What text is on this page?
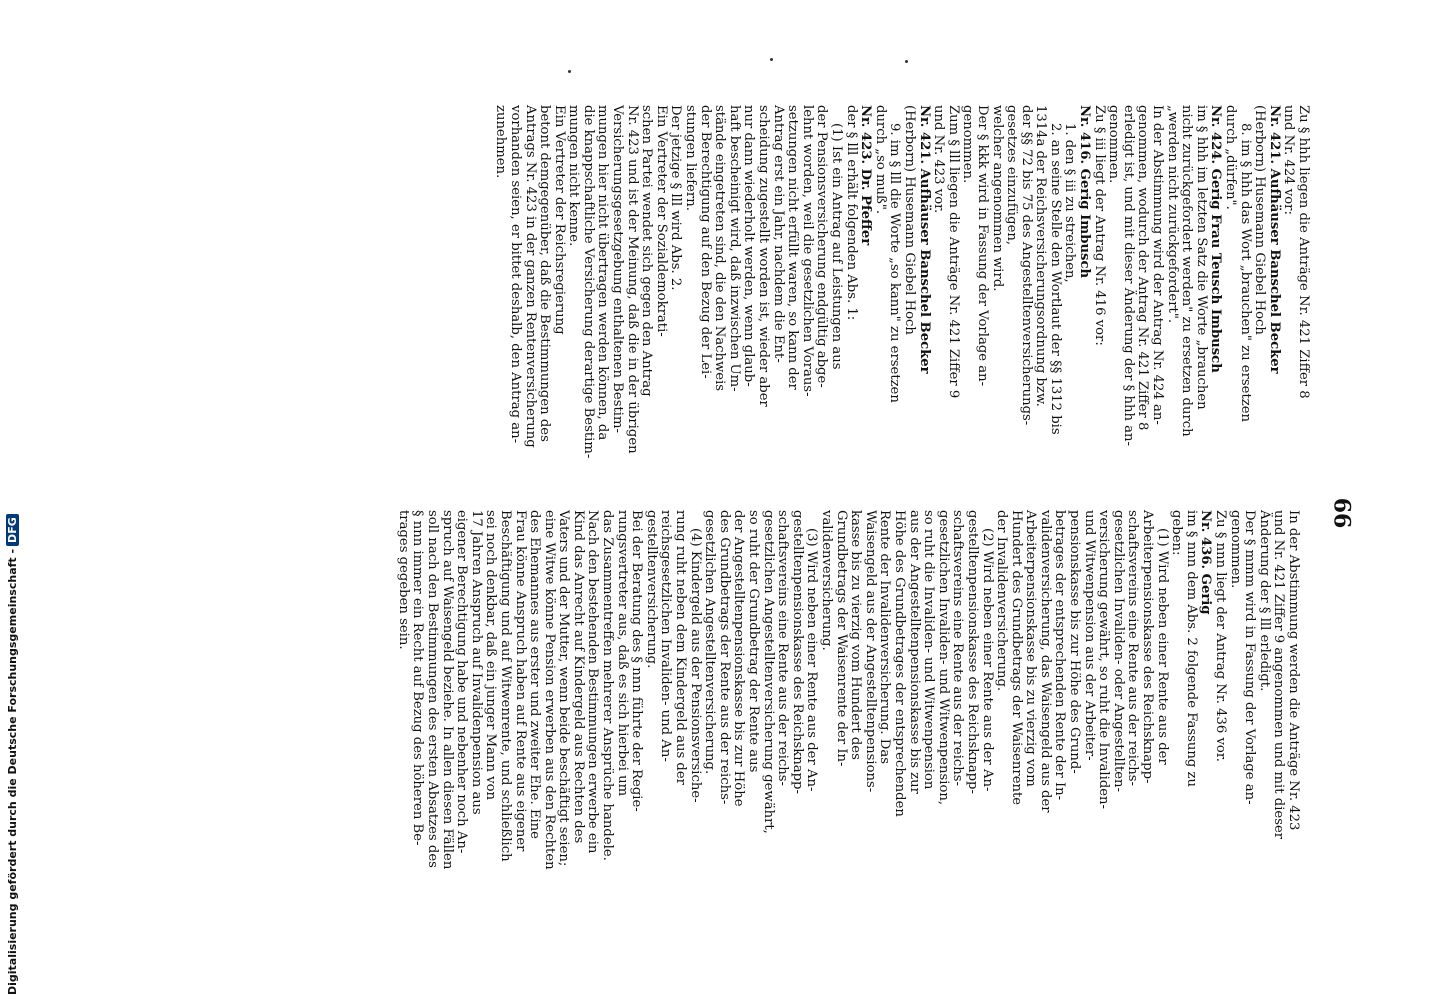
66

Zu § hhh liegen die Anträge Nr. 421 Ziffer 8

und Nr. 424 vor:

Nr. 421. Aufhäuser Banschel Becker

(Herborn) Husemann Giebel Hoch

8. im § hhh das Wort „brauchen" zu ersetzen

durch „dürfen".

Nr. 424. Gerig Frau Teusch Imbusch

im § hhh im letzten Satz die Worte „brauchen

nicht zurückgefordert werden" zu ersetzen durch

„werden nicht zurückgefordert".

In der Abstimmung wird der Antrag Nr. 424 an-

genommen, wodurch der Antrag Nr. 421 Ziffer 8

erledigt ist, und mit dieser Änderung der § hhh an-

genommen.

Zu § iii liegt der Antrag Nr. 416 vor:

Nr. 416. Gerig Imbusch

1. den § iii zu streichen,

2. an seine Stelle den Wortlaut der §§ 1312 bis

1314a der Reichsversicherungsordnung bzw.

der §§ 72 bis 75 des Angestelltenversicherungs-

gesetzes einzufügen,

welcher angenommen wird.

Der § kkk wird in Fassung der Vorlage an-

genommen.

Zum § lll liegen die Anträge Nr. 421 Ziffer 9

und Nr. 423 vor.

Nr. 421. Aufhäuser Banschel Becker

(Herborn) Husemann Giebel Hoch

9. im § lll die Worte „so kann" zu ersetzen

durch „so muß".

Nr. 423. Dr. Pfeffer

der § lll erhält folgenden Abs. 1:

(1) Ist ein Antrag auf Leistungen aus

der Pensionsversicherung endgültig abge-

lehnt worden, weil die gesetzlichen Voraus-

setzungen nicht erfüllt waren, so kann der

Antrag erst ein Jahr, nachdem die Ent-

scheidung zugestellt worden ist, wieder aber

nur dann wiederholt werden, wenn glaub-

haft bescheinigt wird, daß inzwischen Um-

stände eingetreten sind, die den Nachweis

der Berechtigung auf den Bezug der Lei-

stungen liefern.

Der jetzige § lll wird Abs. 2.

Ein Vertreter der Sozialdemokrati-

schen Partei wendet sich gegen den Antrag

Nr. 423 und ist der Meinung, daß die in der übrigen

Versicherungsgesetzgebung enthaltenen Bestim-

mungen hier nicht übertragen werden können, da

die knappschaftliche Versicherung derartige Bestim-

mungen nicht kenne.

Ein Vertreter der Reichsregierung

betont demgegenüber, daß die Bestimmungen des

Antrags Nr. 423 in der ganzen Rentenversicherung

vorhanden seien, er bittet deshalb, den Antrag an-

zunehmen.

In der Abstimmung werden die Anträge Nr. 423

und Nr. 421 Ziffer 9 angenommen und mit dieser

Änderung der § lll erledigt.

Der § mmm wird in Fassung der Vorlage an-

genommen.

Zu § nnn liegt der Antrag Nr. 436 vor.

Nr. 436. Gerig

im § nnn dem Abs. 2 folgende Fassung zu

geben:

(1) Wird neben einer Rente aus der

Arbeiterpensionskasse des Reichsknapp-

schaftsvereins eine Rente aus der reichs-

gesetzlichen Invaliden- oder Angestellten-

versicherung gewährt, so ruht die Invaliden-

und Witwenpension aus der Arbeiter-

pensionskasse bis zur Höhe des Grund-

betrages der entsprechenden Rente der In-

validenversicherung, das Waisengeld aus der

Arbeiterpensionskasse bis zu vierzig vom

Hundert des Grundbetrags der Waisenrente

der Invalidenversicherung.

(2) Wird neben einer Rente aus der An-

gestelltenpensionskasse des Reichsknapp-

schaftsvereins eine Rente aus der reichs-

gesetzlichen Invaliden- und Witwenpension,

so ruht die Invaliden- und Witwenpension

aus der Angestelltenpensionskasse bis zur

Höhe des Grundbetrages der entsprechenden

Rente der Invalidenversicherung. Das

Waisengeld aus der Angestelltenpensions-

kasse bis zu vierzig vom Hundert des

Grundbetrags der Waisenrente der In-

validenversicherung.

(3) Wird neben einer Rente aus der An-

gestelltenpensionskasse des Reichsknapp-

schaftsvereins eine Rente aus der reichs-

gesetzlichen Angestelltenversicherung gewährt,

so ruht der Grundbetrag der Rente aus

der Angestelltenpensionskasse bis zur Höhe

des Grundbetrags der Rente aus der reichs-

gesetzlichen Angestelltenversicherung.

(4) Kindergeld aus der Pensionsversiche-

rung ruht neben dem Kindergeld aus der

reichsgesetzlichen Invaliden- und An-

gestelltenversicherung.

Bei der Beratung des § nnn führte der Regie-

rungsvertreter aus, daß es sich hierbei um

das Zusammentreffen mehrerer Ansprüche handele.

Nach den bestehenden Bestimmungen erwerbe ein

Kind das Anrecht auf Kindergeld aus Rechten des

Vaters und der Mutter, wenn beide beschäftigt seien;

eine Witwe könne Pension erwerben aus den Rechten

des Ehemannes aus erster und zweiter Ehe. Eine

Frau könne Anspruch haben auf Rente aus eigener

Beschäftigung und auf Witwenrente, und schließlich

sei noch denkbar, daß ein junger Mann von

17 Jahren Anspruch auf Invalidenpension aus

eigener Berechtigung habe und nebenher noch An-

spruch auf Waisengeld beziehe. In allen diesen Fällen

soll nach den Bestimmungen des ersten Absatzes des

§ nnn immer ein Recht auf Bezug des höheren Be-

trages gegeben sein.

Digitalisierung gefördert durch die Deutsche Forschungsgemeinschaft -DFG
